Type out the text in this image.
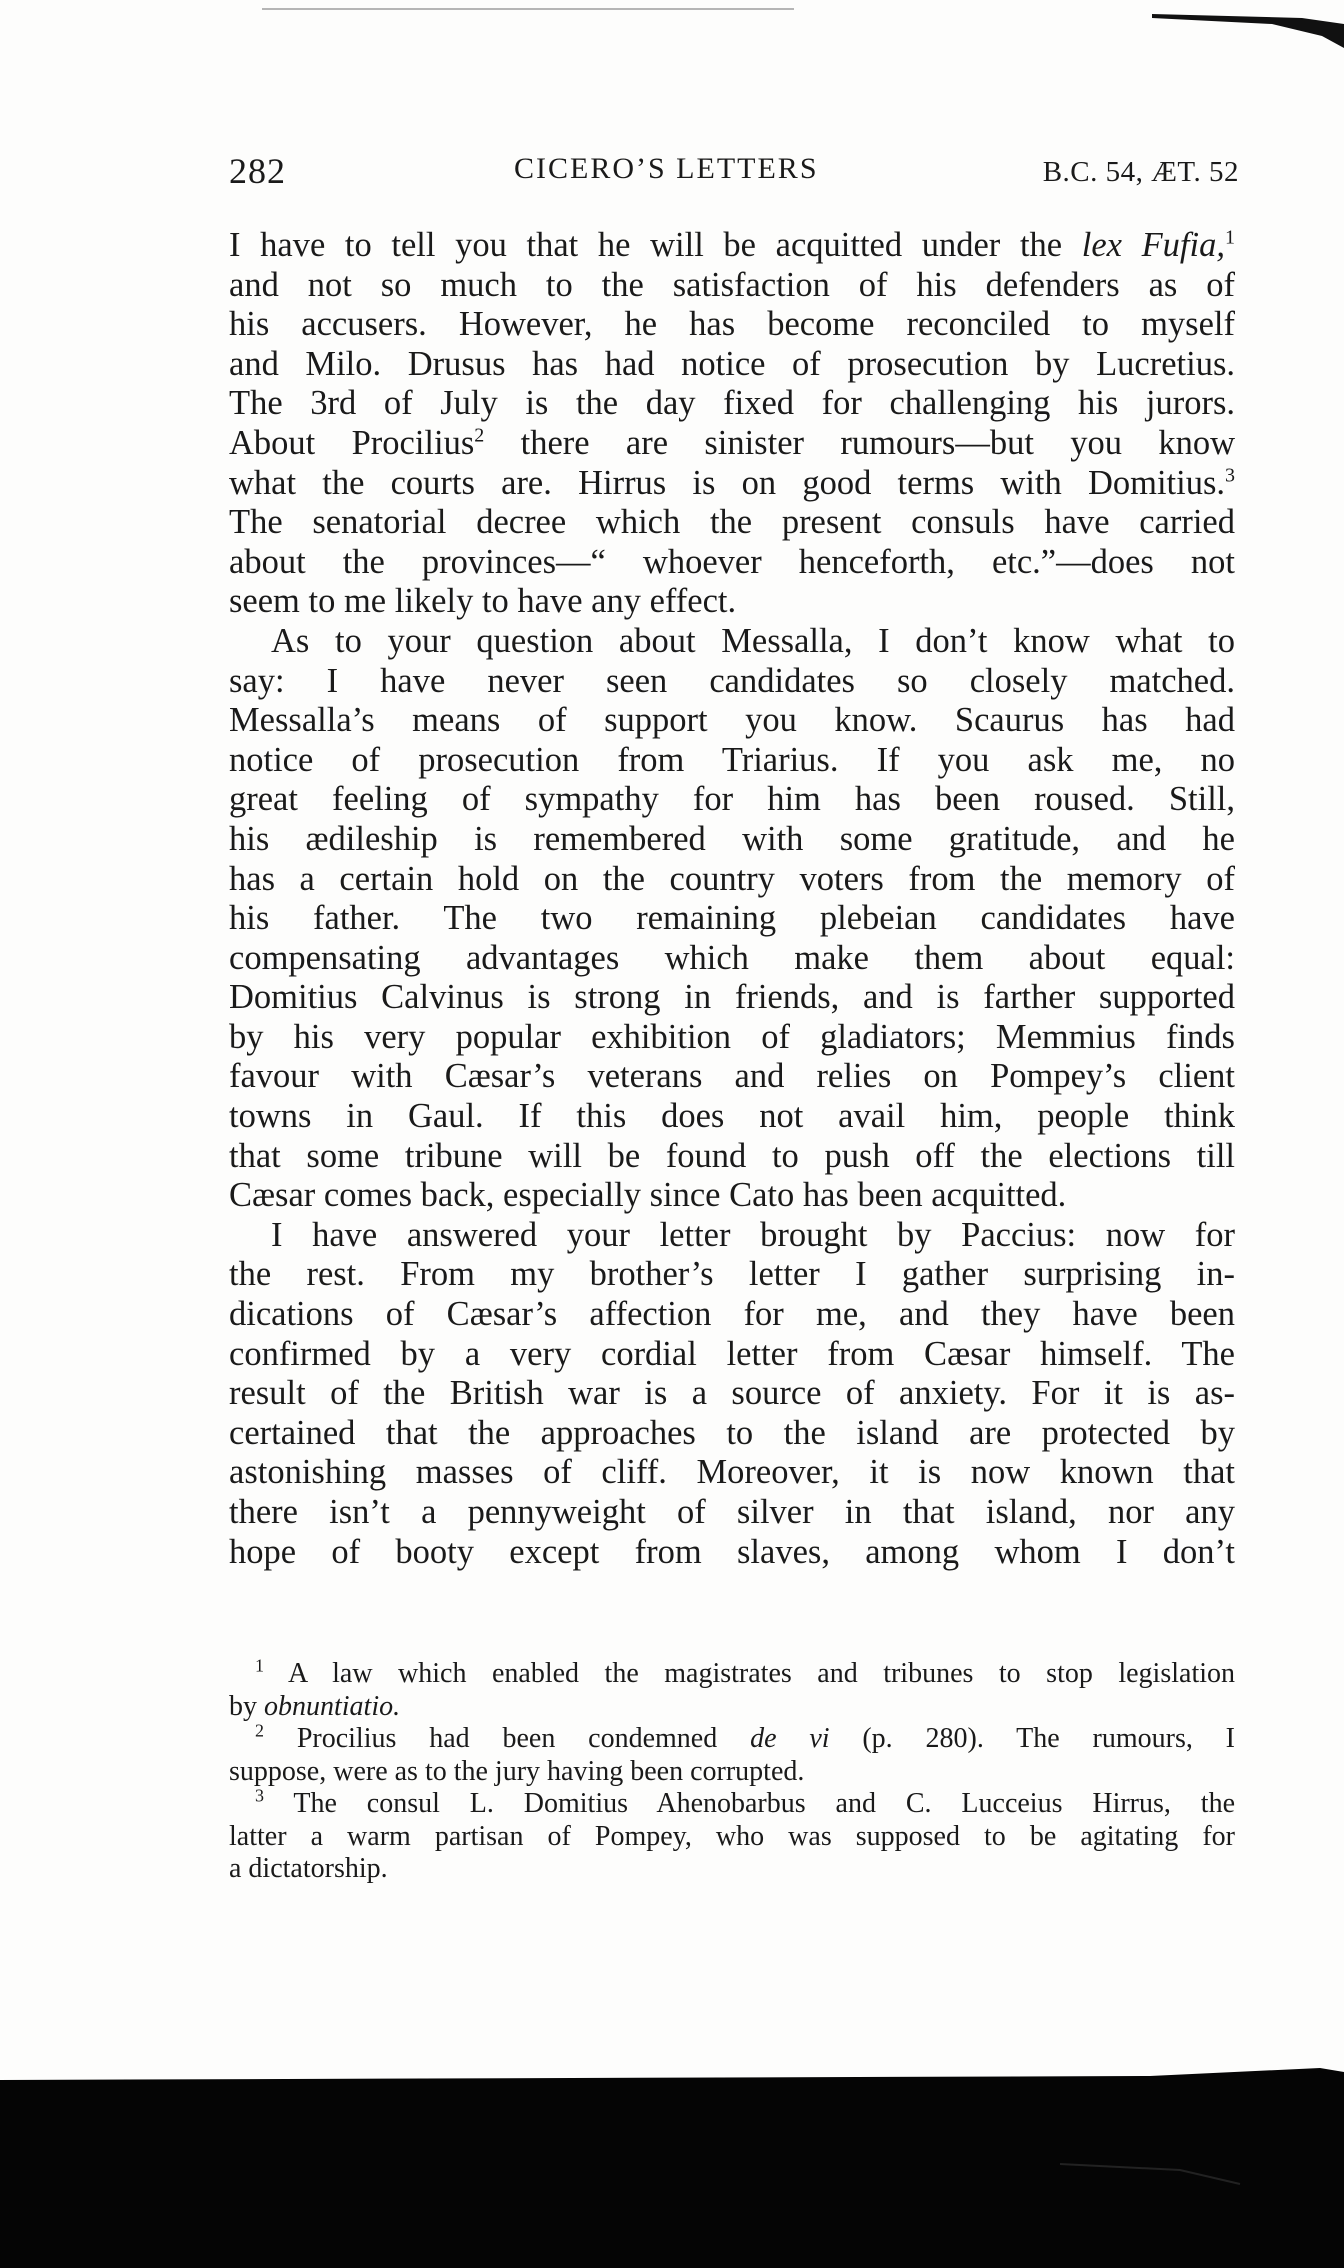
282	CICERO’S LETTERS	B.C. 54, ÆT. 52

I have to tell you that he will be acquitted under the lex Fufia,$^1$
and not so much to the satisfaction of his defenders as of
his accusers. However, he has become reconciled to myself
and Milo. Drusus has had notice of prosecution by Lucretius.
The 3rd of July is the day fixed for challenging his jurors.
About Procilius$^2$ there are sinister rumours—but you know
what the courts are. Hirrus is on good terms with Domitius.$^3$
The senatorial decree which the present consuls have carried
about the provinces—“ whoever henceforth, etc.”—does not
seem to me likely to have any effect.

As to your question about Messalla, I don’t know what to
say: I have never seen candidates so closely matched.
Messalla’s means of support you know. Scaurus has had
notice of prosecution from Triarius. If you ask me, no
great feeling of sympathy for him has been roused. Still,
his ædileship is remembered with some gratitude, and he
has a certain hold on the country voters from the memory of
his father. The two remaining plebeian candidates have
compensating advantages which make them about equal:
Domitius Calvinus is strong in friends, and is farther supported
by his very popular exhibition of gladiators; Memmius finds
favour with Cæsar’s veterans and relies on Pompey’s client
towns in Gaul. If this does not avail him, people think
that some tribune will be found to push off the elections till
Cæsar comes back, especially since Cato has been acquitted.

I have answered your letter brought by Paccius: now for
the rest. From my brother’s letter I gather surprising in-
dications of Cæsar’s affection for me, and they have been
confirmed by a very cordial letter from Cæsar himself. The
result of the British war is a source of anxiety. For it is as-
certained that the approaches to the island are protected by
astonishing masses of cliff. Moreover, it is now known that
there isn’t a pennyweight of silver in that island, nor any
hope of booty except from slaves, among whom I don’t

$^1$ A law which enabled the magistrates and tribunes to stop legislation
by obnuntiatio.
$^2$ Procilius had been condemned de vi (p. 280). The rumours, I
suppose, were as to the jury having been corrupted.
$^3$ The consul L. Domitius Ahenobarbus and C. Lucceius Hirrus, the
latter a warm partisan of Pompey, who was supposed to be agitating for
a dictatorship.
